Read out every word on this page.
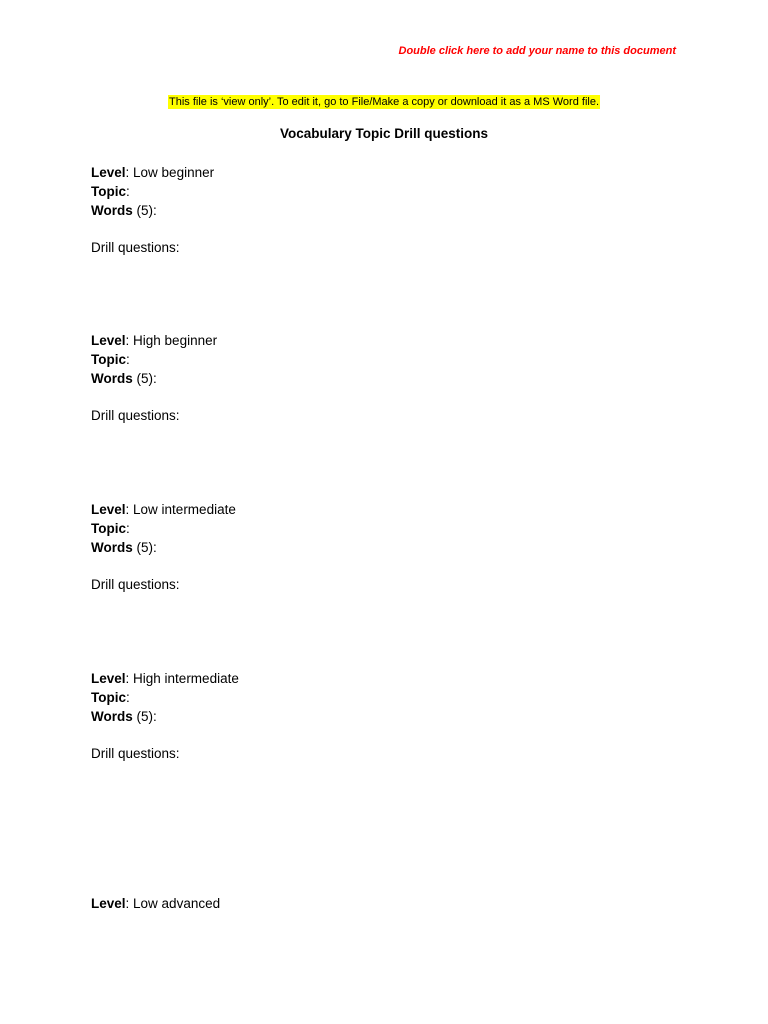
Double click here to add your name to this document
This file is ‘view only’. To edit it, go to File/Make a copy or download it as a MS Word file.
Vocabulary Topic Drill questions
Level: Low beginner
Topic:
Words (5):
Drill questions:
Level: High beginner
Topic:
Words (5):
Drill questions:
Level: Low intermediate
Topic:
Words (5):
Drill questions:
Level: High intermediate
Topic:
Words (5):
Drill questions:
Level: Low advanced
